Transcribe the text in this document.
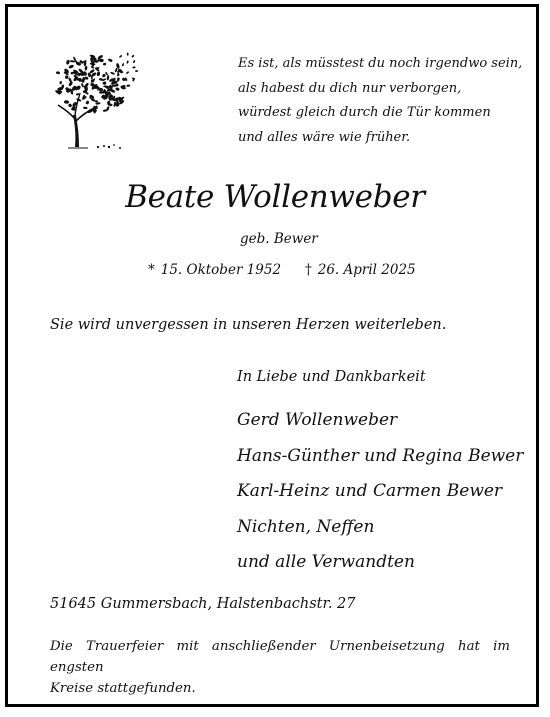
Es ist, als müsstest du noch irgendwo sein,
als habest du dich nur verborgen,
würdest gleich durch die Tür kommen
und alles wäre wie früher.
Beate Wollenweber
geb. Bewer
* 15. Oktober 1952 † 26. April 2025
Sie wird unvergessen in unseren Herzen weiterleben.
In Liebe und Dankbarkeit
Gerd Wollenweber
Hans-Günther und Regina Bewer
Karl-Heinz und Carmen Bewer
Nichten, Neffen
und alle Verwandten
51645 Gummersbach, Halstenbachstr. 27
Die Trauerfeier mit anschließender Urnenbeisetzung hat im engsten
Kreise stattgefunden.
